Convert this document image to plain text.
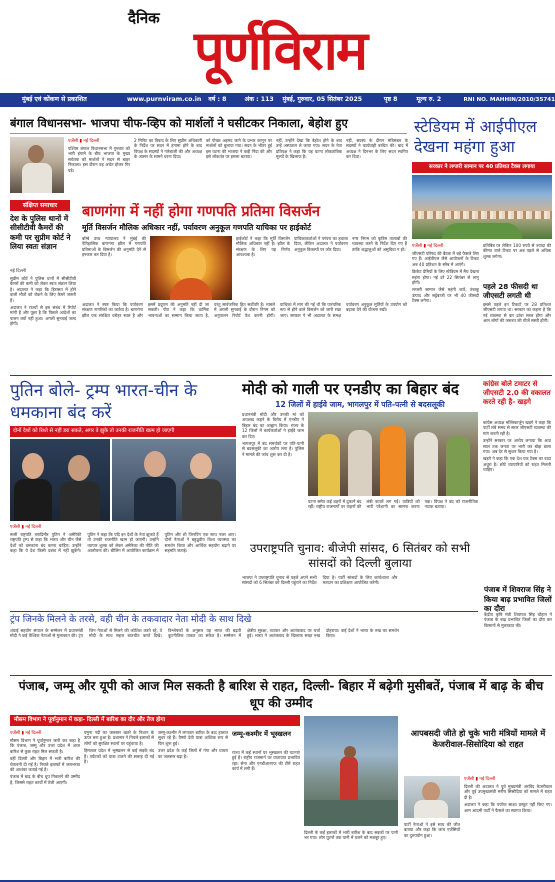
दैनिक
पूर्णविराम
मुंबई एवं कोंकण से प्रकाशित	www.purnviram.co.in	वर्ष : 8	अंक : 113	मुंबई, गुरुवार, 05 सितंबर 2025	पृष्ठ 8	मूल्य रु. 2	RNI NO. MAHHIN/2010/35741
बंगाल विधानसभा- भाजपा चीफ-व्हिप को मार्शलों ने घसीटकर निकाला, बेहोश हुए
एजेंसी ▮ नई दिल्ली

पश्चिम बंगाल विधानसभा में गुरुवार को भारी हंगामे के बीच भाजपा के मुख्य सचेतक को मार्शलों ने सदन से बाहर निकाला। इस दौरान वह अचेत होकर गिर पड़े।

2 मिनिट का विवाद के लिए सुप्रीम अधिकारी के निर्देश पर सदन में हंगामा होने के बाद विपक्ष के सदस्यों ने नारेबाजी की और अध्यक्ष के आसन के सामने धरना दिया।

को पोखर अहमद जाने के प्रभार कानून पर मार्शलों को बुलाया गया। सदन के भीतर हुई इस घटना की भाजपा ने कड़ी निंदा की और इसे लोकतंत्र पर हमला बताया।

नहीं, उन्होंने देखा कि बेहोश होने के बाद उन्हें अस्पताल ले जाया गया। सदन के नेता प्रतिपक्ष ने कहा कि यह घटना लोकतांत्रिक मूल्यों के खिलाफ है।

नहीं, सदस्य के दौरान मंत्रिमंडल के सदस्यों ने कार्यवाही बाधित की। बाद में अध्यक्ष ने दिनभर के लिए सदन स्थगित कर दिया।

स्टेडियम में आईपीएल देखना महंगा हुआ
सरकार ने लग्जरी सामान पर 40 प्रतिशत टैक्स लगाया
एजेंसी ▮ नई दिल्ली

जीएसटी परिषद की बैठक में बड़े फैसले लिए गए हैं। आईपीएल जैसे आयोजनों के टिकट अब 40 प्रतिशत के स्लैब में आएंगे।

क्रिकेट प्रेमियों के लिए स्टेडियम में मैच देखना महंगा होगा। नई दरें 22 सितंबर से लागू होंगी।

लग्जरी सामान जैसे महंगी कारें, तंबाकू उत्पाद और सट्टेबाजी पर भी 40 फीसदी टैक्स लगेगा।

प्रतिबिंब पर लेकिन 100 रुपये से ज्यादा की कीमत वाले टिकट पर अब पहले से अधिक शुल्क लगेगा।

पहले 28 फीसदी था जीएसटी लगती थी

इससे पहले इन टिकटों पर 28 प्रतिशत जीएसटी लगता था। सरकार का कहना है कि नई व्यवस्था से कर ढांचा सरल होगा और आम लोगों की जरूरत की चीजें सस्ती होंगी।

संक्षिप्त समाचार
देश के पुलिस थानों में सीसीटीवी कैमरों की कमी पर सुप्रीम कोर्ट ने लिया स्वतः संज्ञान
नई दिल्ली

सुप्रीम कोर्ट ने पुलिस थानों में सीसीटीवी कैमरों की कमी को लेकर स्वतः संज्ञान लिया है। अदालत ने कहा कि हिरासत में होने वाली मौतों को रोकने के लिए कैमरे जरूरी हैं।

अदालत ने राज्यों से इस संबंध में रिपोर्ट मांगी है और पूछा है कि पिछले आदेशों का पालन क्यों नहीं हुआ। अगली सुनवाई जल्द होगी।

बाणगंगा में नहीं होगा गणपति प्रतिमा विसर्जन
मूर्ति विसर्जन मौलिक अधिकार नहीं, पर्यावरण अनुकूल गणपति याचिका पर हाईकोर्ट

बॉम्बे उच्च न्यायालय ने मुंबई की ऐतिहासिक बाणगंगा झील में गणपति प्रतिमाओं के विसर्जन की अनुमति देने से इनकार कर दिया है।

हाईकोर्ट ने कहा कि मूर्ति विसर्जन मौलिक अधिकार नहीं है। झील के संरक्षण के लिए यह निर्णय आवश्यक है।

याचिकाकर्ताओं ने परंपरा का हवाला दिया, लेकिन अदालत ने पर्यावरण अनुकूल विकल्पों पर जोर दिया।

नगर निगम को कृत्रिम तालाबों की व्यवस्था करने के निर्देश दिए गए हैं ताकि श्रद्धालुओं को असुविधा न हो।

अदालत ने स्पष्ट किया कि पर्यावरण संरक्षण नागरिकों का कर्तव्य है। बाणगंगा झील एक संरक्षित धरोहर स्थल है और इसमें प्रदूषण की अनुमति नहीं दी जा सकती। पीठ ने कहा कि धार्मिक भावनाओं का सम्मान किया जाता है, परंतु सार्वजनिक हित सर्वोपरि है। मामले में अगली सुनवाई के दौरान निगम को अनुपालन रिपोर्ट पेश करनी होगी। याचिका में मांग की गई थी कि पारंपरिक रूप से होने वाले विसर्जन को जारी रखा जाए। सरकार ने भी अदालत के समक्ष पर्यावरण अनुकूल मूर्तियों के उपयोग को बढ़ावा देने की योजना रखी।

पुतिन बोले- ट्रम्प भारत-चीन के धमकाना बंद करें
दोनों देशों को रिश्ते से नहीं डरा सकते, अगर वे झुके तो उनकी राजनीति खत्म हो जाएगी
एजेंसी ▮ नई दिल्ली

रूसी राष्ट्रपति व्लादिमीर पुतिन ने अमेरिकी राष्ट्रपति ट्रम्प से कहा कि भारत और चीन जैसे देशों को धमकाना बंद करना चाहिए। उन्होंने कहा कि ये देश किसी दबाव में नहीं झुकेंगे। पुतिन ने कहा कि यदि इन देशों के नेता झुकते हैं तो उनकी राजनीति खत्म हो जाएगी। उन्होंने व्यापार शुल्क को लेकर अमेरिका की नीति की आलोचना की। बीजिंग में आयोजित कार्यक्रम में पुतिन और शी जिनपिंग एक साथ नजर आए। दोनों नेताओं ने बहुध्रुवीय विश्व व्यवस्था का समर्थन किया और आर्थिक सहयोग बढ़ाने पर सहमति जताई।

मोदी को गाली पर एनडीए का बिहार बंद
12 जिलों में हाईवे जाम, भागलपुर में पति-पत्नी से बदसलूकी

प्रधानमंत्री मोदी और उनकी मां को अपशब्द कहने के विरोध में एनडीए ने बिहार बंद का आह्वान किया। राज्य के 12 जिलों में कार्यकर्ताओं ने हाईवे जाम कर दिए।

भागलपुर में बंद समर्थकों पर पति-पत्नी से बदसलूकी का आरोप लगा है। पुलिस ने मामले की जांच शुरू कर दी है।

पटना समेत कई शहरों में दुकानें बंद रहीं। राष्ट्रीय राजमार्गों पर वाहनों की लंबी कतारें लग गईं। यात्रियों को भारी परेशानी का सामना करना पड़ा। विपक्ष ने बंद को राजनीतिक नाटक बताया।

उपराष्ट्रपति चुनाव: बीजेपी सांसद, 6 सितंबर को सभी सांसदों को दिल्ली बुलाया

भाजपा ने उपराष्ट्रपति चुनाव से पहले अपने सभी सांसदों को 6 सितंबर को दिल्ली पहुंचने का निर्देश दिया है। पार्टी सांसदों के लिए कार्यशाला और मतदान का प्रशिक्षण आयोजित करेगी।

कांग्रेस बोले टमाटर से जीएसटी 2.0 की वकालत करते रही है- खड़गे

कांग्रेस अध्यक्ष मल्लिकार्जुन खड़गे ने कहा कि पार्टी लंबे समय से सरल जीएसटी व्यवस्था की मांग करती रही है।

उन्होंने सरकार पर आरोप लगाया कि आठ साल तक जनता पर भारी कर बोझ डाला गया। अब देर से सुधार किया गया है।

खड़गे ने कहा कि एक देश एक टैक्स का वादा अधूरा है। छोटे व्यापारियों को राहत मिलनी चाहिए।

पंजाब में शिवराज सिंह ने किया बाढ़ प्रभावित जिलों का दौरा

केंद्रीय कृषि मंत्री शिवराज सिंह चौहान ने पंजाब के बाढ़ प्रभावित जिलों का दौरा कर किसानों से मुलाकात की।

ट्रंप जिनके मिलने के तरसे, वही चीन के तकवादार नेता मोदी के साथ दिखे

शंघाई सहयोग संगठन के सम्मेलन में प्रधानमंत्री मोदी ने कई वैश्विक नेताओं से मुलाकात की। ट्रंप जिन नेताओं से मिलने की कोशिश करते रहे, वे मोदी के साथ सहज बातचीत करते दिखे। विश्लेषकों के अनुसार यह भारत की बढ़ती कूटनीतिक ताकत का संकेत है। सम्मेलन में क्षेत्रीय सुरक्षा, व्यापार और आतंकवाद पर चर्चा हुई। भारत ने आतंकवाद के खिलाफ सख्त रुख दोहराया। कई देशों ने भारत के रुख का समर्थन किया।

पंजाब, जम्मू और यूपी को आज मिल सकती है बारिश से राहत, दिल्ली- बिहार में बढ़ेगी मुसीबतें, पंजाब में बाढ़ के बीच धूप की उम्मीद
मौसम विभाग ने पूर्वानुमान में कहा- दिल्ली में बारिश का दौर और तेज होगा
एजेंसी ▮ नई दिल्ली

मौसम विभाग ने पूर्वानुमान जारी कर कहा है कि पंजाब, जम्मू और उत्तर प्रदेश में आज बारिश से कुछ राहत मिल सकती है।

वहीं दिल्ली और बिहार में भारी बारिश की चेतावनी दी गई है। निचले इलाकों में जलभराव की आशंका जताई गई है।

पंजाब में बाढ़ के बीच धूप निकलने की उम्मीद है, जिससे राहत कार्यों में तेजी आएगी।

यमुना नदी का जलस्तर खतरे के निशान के ऊपर बना हुआ है। प्रशासन ने निचले इलाकों से लोगों को सुरक्षित स्थानों पर पहुंचाया है।

हिमाचल प्रदेश में भूस्खलन से कई सड़कें बंद हैं। पर्यटकों को यात्रा टालने की सलाह दी गई है।

जम्मू-कश्मीर में लगातार बारिश के बाद हालात सुधर रहे हैं। वैष्णो देवी यात्रा आंशिक रूप से फिर शुरू हुई।

उत्तर प्रदेश के कई जिलों में गंगा और घाघरा का जलस्तर बढ़ा है।

जम्मू-कश्मीर में भूस्खलन

राज्य में कई स्थानों पर भूस्खलन की घटनाएं हुई हैं। राष्ट्रीय राजमार्ग पर यातायात प्रभावित रहा। सेना और एनडीआरएफ की टीमें राहत कार्य में लगी हैं।

दिल्ली के कई इलाकों में भारी बारिश के बाद सड़कों पर पानी भर गया। लोग घुटनों तक पानी में चलने को मजबूर हुए।

आपबसदी जीते हो चुके भारी मंत्रियों मामले में केजरीवाल-सिसोदिया को राहत
एजेंसी ▮ नई दिल्ली

दिल्ली की अदालत ने पूर्व मुख्यमंत्री अरविंद केजरीवाल और पूर्व उपमुख्यमंत्री मनीष सिसोदिया को मामले में राहत दी है।

अदालत ने कहा कि पर्याप्त साक्ष्य प्रस्तुत नहीं किए गए। आम आदमी पार्टी ने फैसले का स्वागत किया।

पार्टी नेताओं ने इसे सत्य की जीत बताया और कहा कि जांच एजेंसियों का दुरुपयोग हुआ।
